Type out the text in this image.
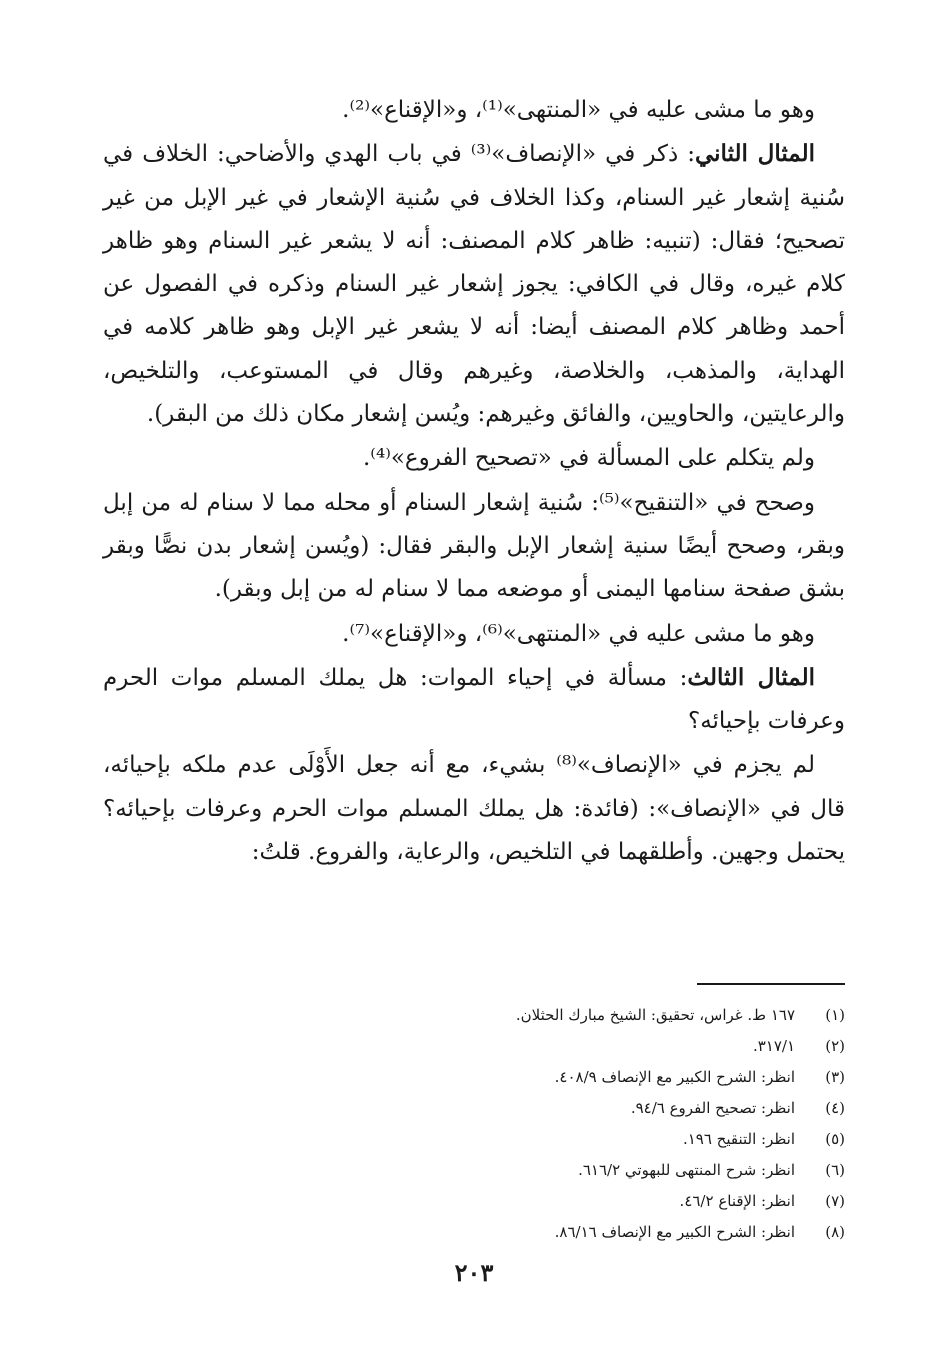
وهو ما مشى عليه في «المنتهى»⁽¹⁾، و«الإقناع»⁽²⁾.

المثال الثاني: ذكر في «الإنصاف»⁽³⁾ في باب الهدي والأضاحي: الخلاف في سُنية إشعار غير السنام، وكذا الخلاف في سُنية الإشعار في غير الإبل من غير تصحيح؛ فقال: (تنبيه: ظاهر كلام المصنف: أنه لا يشعر غير السنام وهو ظاهر كلام غيره، وقال في الكافي: يجوز إشعار غير السنام وذكره في الفصول عن أحمد وظاهر كلام المصنف أيضا: أنه لا يشعر غير الإبل وهو ظاهر كلامه في الهداية، والمذهب، والخلاصة، وغيرهم وقال في المستوعب، والتلخيص، والرعايتين، والحاويين، والفائق وغيرهم: ويُسن إشعار مكان ذلك من البقر).

ولم يتكلم على المسألة في «تصحيح الفروع»⁽⁴⁾.

وصحح في «التنقيح»⁽⁵⁾: سُنية إشعار السنام أو محله مما لا سنام له من إبل وبقر، وصحح أيضًا سنية إشعار الإبل والبقر فقال: (ويُسن إشعار بدن نصًّا وبقر بشق صفحة سنامها اليمنى أو موضعه مما لا سنام له من إبل وبقر).

وهو ما مشى عليه في «المنتهى»⁽⁶⁾، و«الإقناع»⁽⁷⁾.

المثال الثالث: مسألة في إحياء الموات: هل يملك المسلم موات الحرم وعرفات بإحيائه؟

لم يجزم في «الإنصاف»⁽⁸⁾ بشيء، مع أنه جعل الأَوْلَى عدم ملكه بإحيائه، قال في «الإنصاف»: (فائدة: هل يملك المسلم موات الحرم وعرفات بإحيائه؟ يحتمل وجهين. وأطلقهما في التلخيص، والرعاية، والفروع. قلتُ:

(١)
١٦٧ ط. غراس، تحقيق: الشيخ مبارك الحثلان.
(٢)
٣١٧/١.
(٣)
انظر: الشرح الكبير مع الإنصاف ٤٠٨/٩.
(٤)
انظر: تصحيح الفروع ٩٤/٦.
(٥)
انظر: التنقيح ١٩٦.
(٦)
انظر: شرح المنتهى للبهوتي ٦١٦/٢.
(٧)
انظر: الإقناع ٤٦/٢.
(٨)
انظر: الشرح الكبير مع الإنصاف ٨٦/١٦.
٢٠٣
